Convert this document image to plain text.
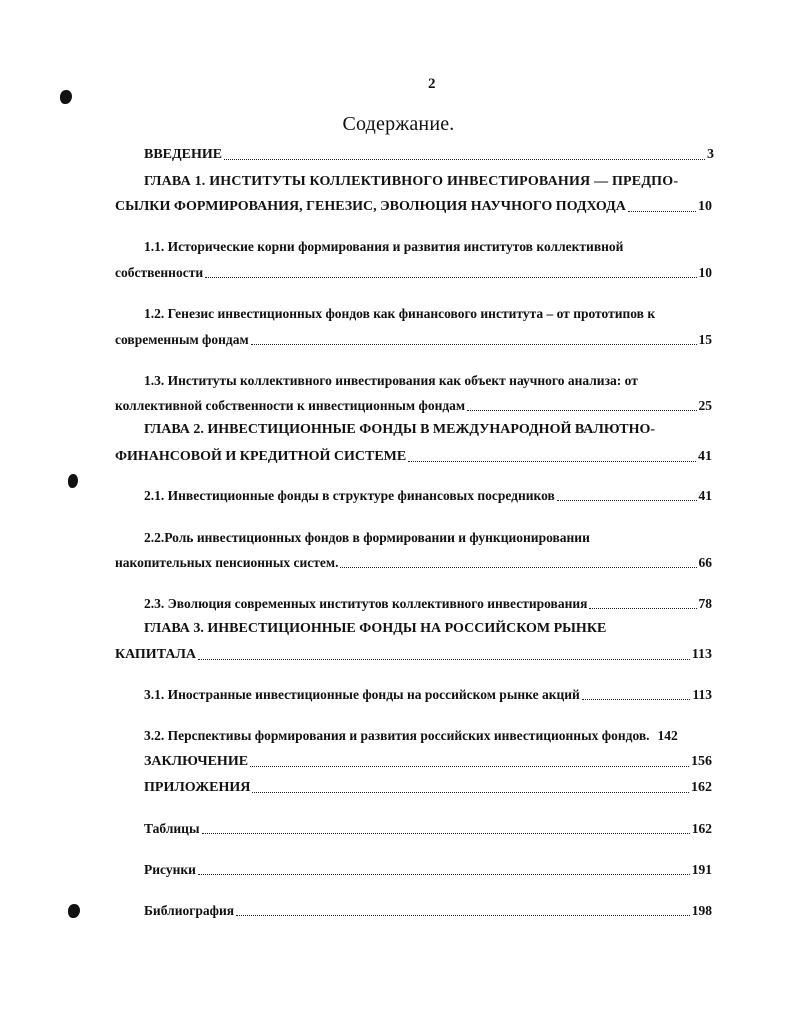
2
Содержание.
ВВЕДЕНИЕ	3
ГЛАВА 1. ИНСТИТУТЫ КОЛЛЕКТИВНОГО ИНВЕСТИРОВАНИЯ — ПРЕДПО-
СЫЛКИ ФОРМИРОВАНИЯ, ГЕНЕЗИС, ЭВОЛЮЦИЯ НАУЧНОГО ПОДХОДА	10
1.1. Исторические корни формирования и развития институтов коллективной
собственности	10
1.2. Генезис инвестиционных фондов как финансового института – от прототипов к
современным фондам	15
1.3. Институты коллективного инвестирования как объект научного анализа: от
коллективной собственности к инвестиционным фондам	25
ГЛАВА 2. ИНВЕСТИЦИОННЫЕ ФОНДЫ В МЕЖДУНАРОДНОЙ ВАЛЮТНО-
ФИНАНСОВОЙ И КРЕДИТНОЙ СИСТЕМЕ	41
2.1. Инвестиционные фонды в структуре финансовых посредников	41
2.2.Роль инвестиционных фондов в формировании и функционировании
накопительных пенсионных систем.	66
2.3. Эволюция современных институтов коллективного инвестирования	78
ГЛАВА 3. ИНВЕСТИЦИОННЫЕ ФОНДЫ НА РОССИЙСКОМ РЫНКЕ
КАПИТАЛА	113
3.1. Иностранные инвестиционные фонды на российском рынке акций	113
3.2. Перспективы формирования и развития российских инвестиционных фондов. 142
ЗАКЛЮЧЕНИЕ	156
ПРИЛОЖЕНИЯ	162
Таблицы	162
Рисунки	191
Библиография	198
